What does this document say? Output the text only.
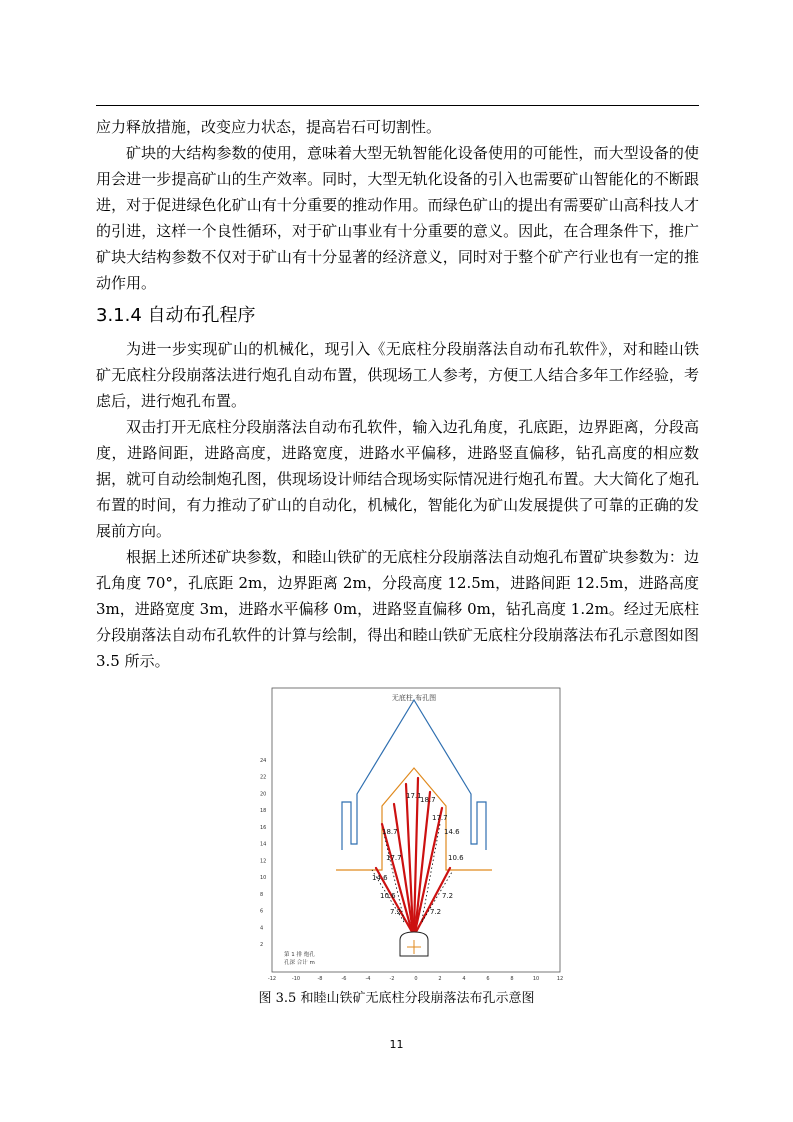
应力释放措施，改变应力状态，提高岩石可切割性。

矿块的大结构参数的使用，意味着大型无轨智能化设备使用的可能性，而大型设备的使用会进一步提高矿山的生产效率。同时，大型无轨化设备的引入也需要矿山智能化的不断跟进，对于促进绿色化矿山有十分重要的推动作用。而绿色矿山的提出有需要矿山高科技人才的引进，这样一个良性循环，对于矿山事业有十分重要的意义。因此，在合理条件下，推广矿块大结构参数不仅对于矿山有十分显著的经济意义，同时对于整个矿产行业也有一定的推动作用。

3.1.4 自动布孔程序

为进一步实现矿山的机械化，现引入《无底柱分段崩落法自动布孔软件》，对和睦山铁矿无底柱分段崩落法进行炮孔自动布置，供现场工人参考，方便工人结合多年工作经验，考虑后，进行炮孔布置。

双击打开无底柱分段崩落法自动布孔软件，输入边孔角度，孔底距，边界距离，分段高度，进路间距，进路高度，进路宽度，进路水平偏移，进路竖直偏移，钻孔高度的相应数据，就可自动绘制炮孔图，供现场设计师结合现场实际情况进行炮孔布置。大大简化了炮孔布置的时间，有力推动了矿山的自动化，机械化，智能化为矿山发展提供了可靠的正确的发展前方向。

根据上述所述矿块参数，和睦山铁矿的无底柱分段崩落法自动炮孔布置矿块参数为：边孔角度 70°，孔底距 2m，边界距离 2m，分段高度 12.5m，进路间距 12.5m，进路高度 3m，进路宽度 3m，进路水平偏移 0m，进路竖直偏移 0m，钻孔高度 1.2m。经过无底柱分段崩落法自动布孔软件的计算与绘制，得出和睦山铁矿无底柱分段崩落法布孔示意图如图 3.5 所示。

无底柱 布孔图
17.1
18.7
17.7
14.6
10.6
7.2
18.7
17.7
14.6
10.6
7.2
7.2
第 1 排 炮孔
孔深 合计 m
2
4
6
8
10
12
14
16
18
20
22
24
-12	-10	-8	-6	-4	-2	0	2	4	6	8	10	12
图 3.5 和睦山铁矿无底柱分段崩落法布孔示意图
11
